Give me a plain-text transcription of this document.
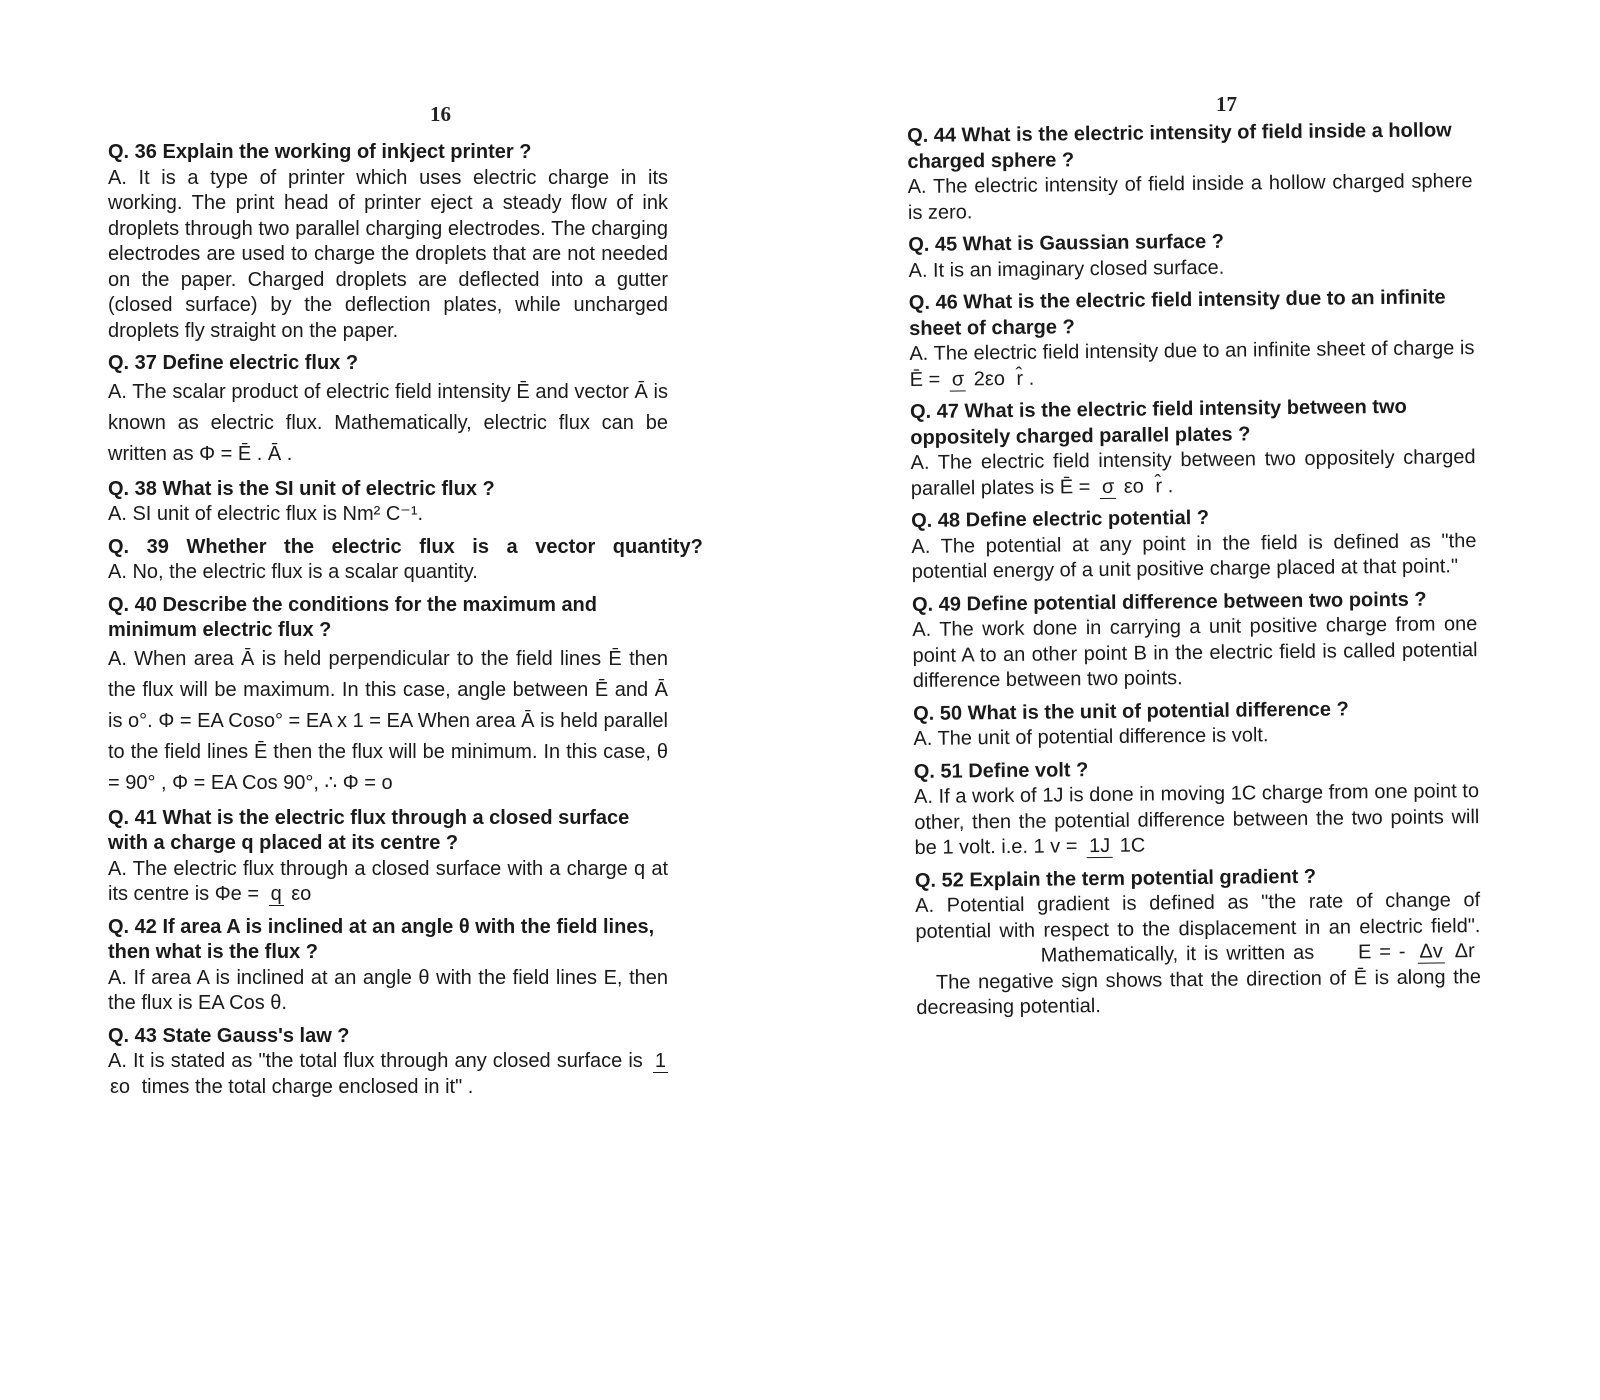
16	17

Q. 36 Explain the working of inkject printer ?

A. It is a type of printer which uses electric charge in its working. The print head of printer eject a steady flow of ink droplets through two parallel charging electrodes. The charging electrodes are used to charge the droplets that are not needed on the paper. Charged droplets are deflected into a gutter (closed surface) by the deflection plates, while uncharged droplets fly straight on the paper.

Q. 37 Define electric flux ?

A. The scalar product of electric field intensity Ē and vector Ā is known as electric flux. Mathematically, electric flux can be written as Φ = Ē . Ā .

Q. 38 What is the SI unit of electric flux ?

A. SI unit of electric flux is Nm² C⁻¹.

Q. 39 Whether the electric flux is a vector quantity?

A. No, the electric flux is a scalar quantity.

Q. 40 Describe the conditions for the maximum and minimum electric flux ?

A. When area Ā is held perpendicular to the field lines Ē then the flux will be maximum. In this case, angle between Ē and Ā is o°. Φ = EA Coso° = EA x 1 = EA When area Ā is held parallel to the field lines Ē then the flux will be minimum. In this case, θ = 90° , Φ = EA Cos 90°, ∴ Φ = o

Q. 41 What is the electric flux through a closed surface with a charge q placed at its centre ?

A. The electric flux through a closed surface with a charge q at its centre is Φe = q εo

Q. 42 If area A is inclined at an angle θ with the field lines, then what is the flux ?

A. If area A is inclined at an angle θ with the field lines E, then the flux is EA Cos θ.

Q. 43 State Gauss's law ?

A. It is stated as "the total flux through any closed surface is 1 εo times the total charge enclosed in it" .

Q. 44 What is the electric intensity of field inside a hollow charged sphere ?

A. The electric intensity of field inside a hollow charged sphere is zero.

Q. 45 What is Gaussian surface ?

A. It is an imaginary closed surface.

Q. 46 What is the electric field intensity due to an infinite sheet of charge ?

A. The electric field intensity due to an infinite sheet of charge is Ē = σ 2εo r̂ .

Q. 47 What is the electric field intensity between two oppositely charged parallel plates ?

A. The electric field intensity between two oppositely charged parallel plates is Ē = σ εo r̂ .

Q. 48 Define electric potential ?

A. The potential at any point in the field is defined as "the potential energy of a unit positive charge placed at that point."

Q. 49 Define potential difference between two points ?

A. The work done in carrying a unit positive charge from one point A to an other point B in the electric field is called potential difference between two points.

Q. 50 What is the unit of potential difference ?

A. The unit of potential difference is volt.

Q. 51 Define volt ?

A. If a work of 1J is done in moving 1C charge from one point to other, then the potential difference between the two points will be 1 volt. i.e. 1 v = 1J 1C

Q. 52 Explain the term potential gradient ?

A. Potential gradient is defined as "the rate of change of potential with respect to the displacement in an electric field". Mathematically, it is written as E = - Δv Δr The negative sign shows that the direction of Ē is along the decreasing potential.
